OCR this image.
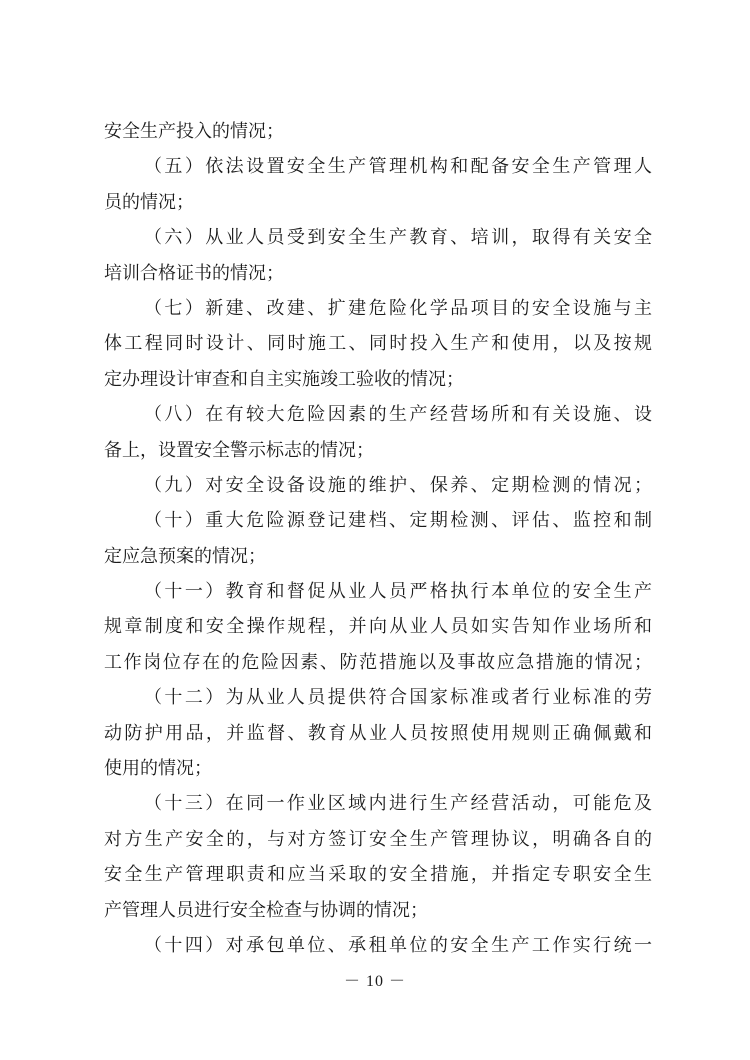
安全生产投入的情况；
（五）依法设置安全生产管理机构和配备安全生产管理人
员的情况；
（六）从业人员受到安全生产教育、培训，取得有关安全
培训合格证书的情况；
（七）新建、改建、扩建危险化学品项目的安全设施与主
体工程同时设计、同时施工、同时投入生产和使用，以及按规
定办理设计审查和自主实施竣工验收的情况；
（八）在有较大危险因素的生产经营场所和有关设施、设
备上，设置安全警示标志的情况；
（九）对安全设备设施的维护、保养、定期检测的情况；
（十）重大危险源登记建档、定期检测、评估、监控和制
定应急预案的情况；
（十一）教育和督促从业人员严格执行本单位的安全生产
规章制度和安全操作规程，并向从业人员如实告知作业场所和
工作岗位存在的危险因素、防范措施以及事故应急措施的情况；
（十二）为从业人员提供符合国家标准或者行业标准的劳
动防护用品，并监督、教育从业人员按照使用规则正确佩戴和
使用的情况；
（十三）在同一作业区域内进行生产经营活动，可能危及
对方生产安全的，与对方签订安全生产管理协议，明确各自的
安全生产管理职责和应当采取的安全措施，并指定专职安全生
产管理人员进行安全检查与协调的情况；
（十四）对承包单位、承租单位的安全生产工作实行统一
－ 10 －
